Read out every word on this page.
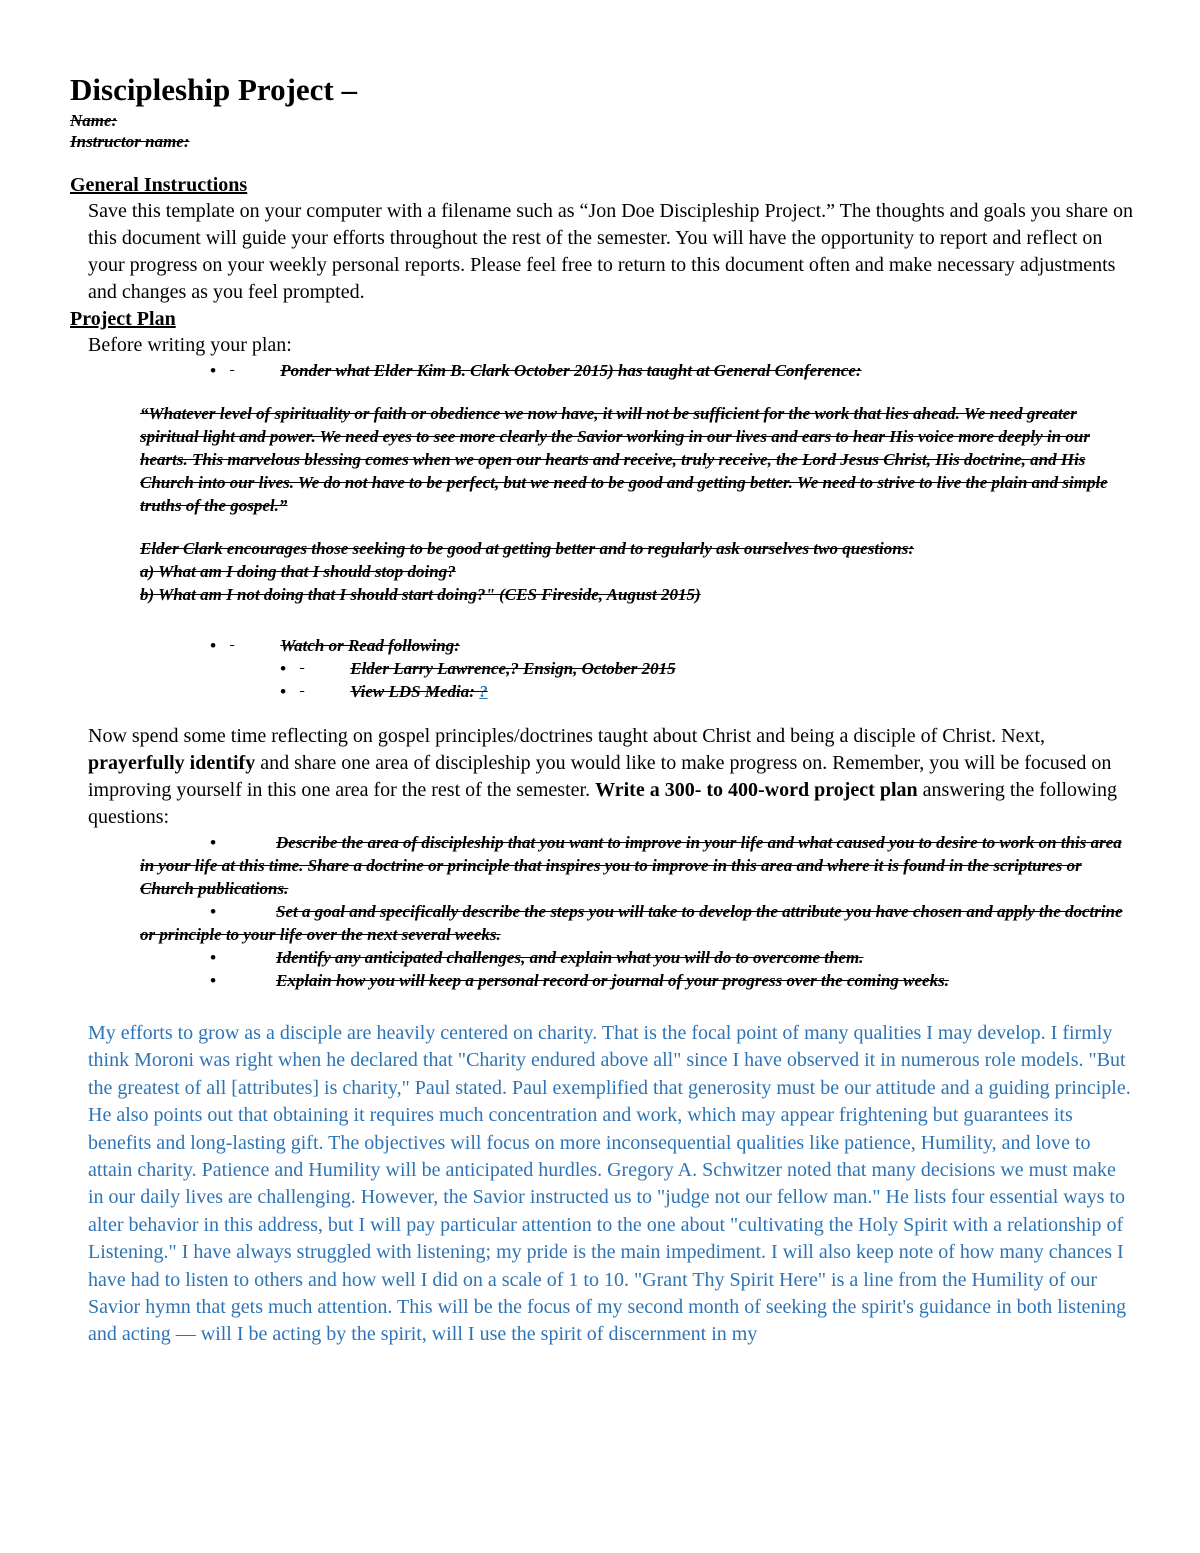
Discipleship Project –
Name:
Instructor name:
General Instructions

Save this template on your computer with a filename such as “Jon Doe Discipleship Project.” The thoughts and goals you share on this document will guide your efforts throughout the rest of the semester. You will have the opportunity to report and reflect on your progress on your weekly personal reports. Please feel free to return to this document often and make necessary adjustments and changes as you feel prompted.

Project Plan

Before writing your plan:

•	Ponder what Elder Kim B. Clark October 2015) has taught at General Conference:
“Whatever level of spirituality or faith or obedience we now have, it will not be sufficient for the work that lies ahead. We need greater spiritual light and power. We need eyes to see more clearly the Savior working in our lives and ears to hear His voice more deeply in our hearts. This marvelous blessing comes when we open our hearts and receive, truly receive, the Lord Jesus Christ, His doctrine, and His Church into our lives. We do not have to be perfect, but we need to be good and getting better. We need to strive to live the plain and simple truths of the gospel.”
Elder Clark encourages those seeking to be good at getting better and to regularly ask ourselves two questions:
a) What am I doing that I should stop doing?
b) What am I not doing that I should start doing?" (CES Fireside, August 2015)
•	Watch or Read following:
•	Elder Larry Lawrence,? Ensign, October 2015
•	View LDS Media: ?

Now spend some time reflecting on gospel principles/doctrines taught about Christ and being a disciple of Christ. Next, prayerfully identify and share one area of discipleship you would like to make progress on. Remember, you will be focused on improving yourself in this one area for the rest of the semester. Write a 300- to 400-word project plan answering the following questions:

•	Describe the area of discipleship that you want to improve in your life and what caused you to desire to work on this area in your life at this time. Share a doctrine or principle that inspires you to improve in this area and where it is found in the scriptures or Church publications.
•	Set a goal and specifically describe the steps you will take to develop the attribute you have chosen and apply the doctrine or principle to your life over the next several weeks.
•	Identify any anticipated challenges, and explain what you will do to overcome them.
•	Explain how you will keep a personal record or journal of your progress over the coming weeks.

My efforts to grow as a disciple are heavily centered on charity. That is the focal point of many qualities I may develop. I firmly think Moroni was right when he declared that "Charity endured above all" since I have observed it in numerous role models. "But the greatest of all [attributes] is charity," Paul stated. Paul exemplified that generosity must be our attitude and a guiding principle. He also points out that obtaining it requires much concentration and work, which may appear frightening but guarantees its benefits and long-lasting gift. The objectives will focus on more inconsequential qualities like patience, Humility, and love to attain charity. Patience and Humility will be anticipated hurdles. Gregory A. Schwitzer noted that many decisions we must make in our daily lives are challenging. However, the Savior instructed us to "judge not our fellow man." He lists four essential ways to alter behavior in this address, but I will pay particular attention to the one about "cultivating the Holy Spirit with a relationship of Listening." I have always struggled with listening; my pride is the main impediment. I will also keep note of how many chances I have had to listen to others and how well I did on a scale of 1 to 10. "Grant Thy Spirit Here" is a line from the Humility of our Savior hymn that gets much attention. This will be the focus of my second month of seeking the spirit's guidance in both listening and acting — will I be acting by the spirit, will I use the spirit of discernment in my
